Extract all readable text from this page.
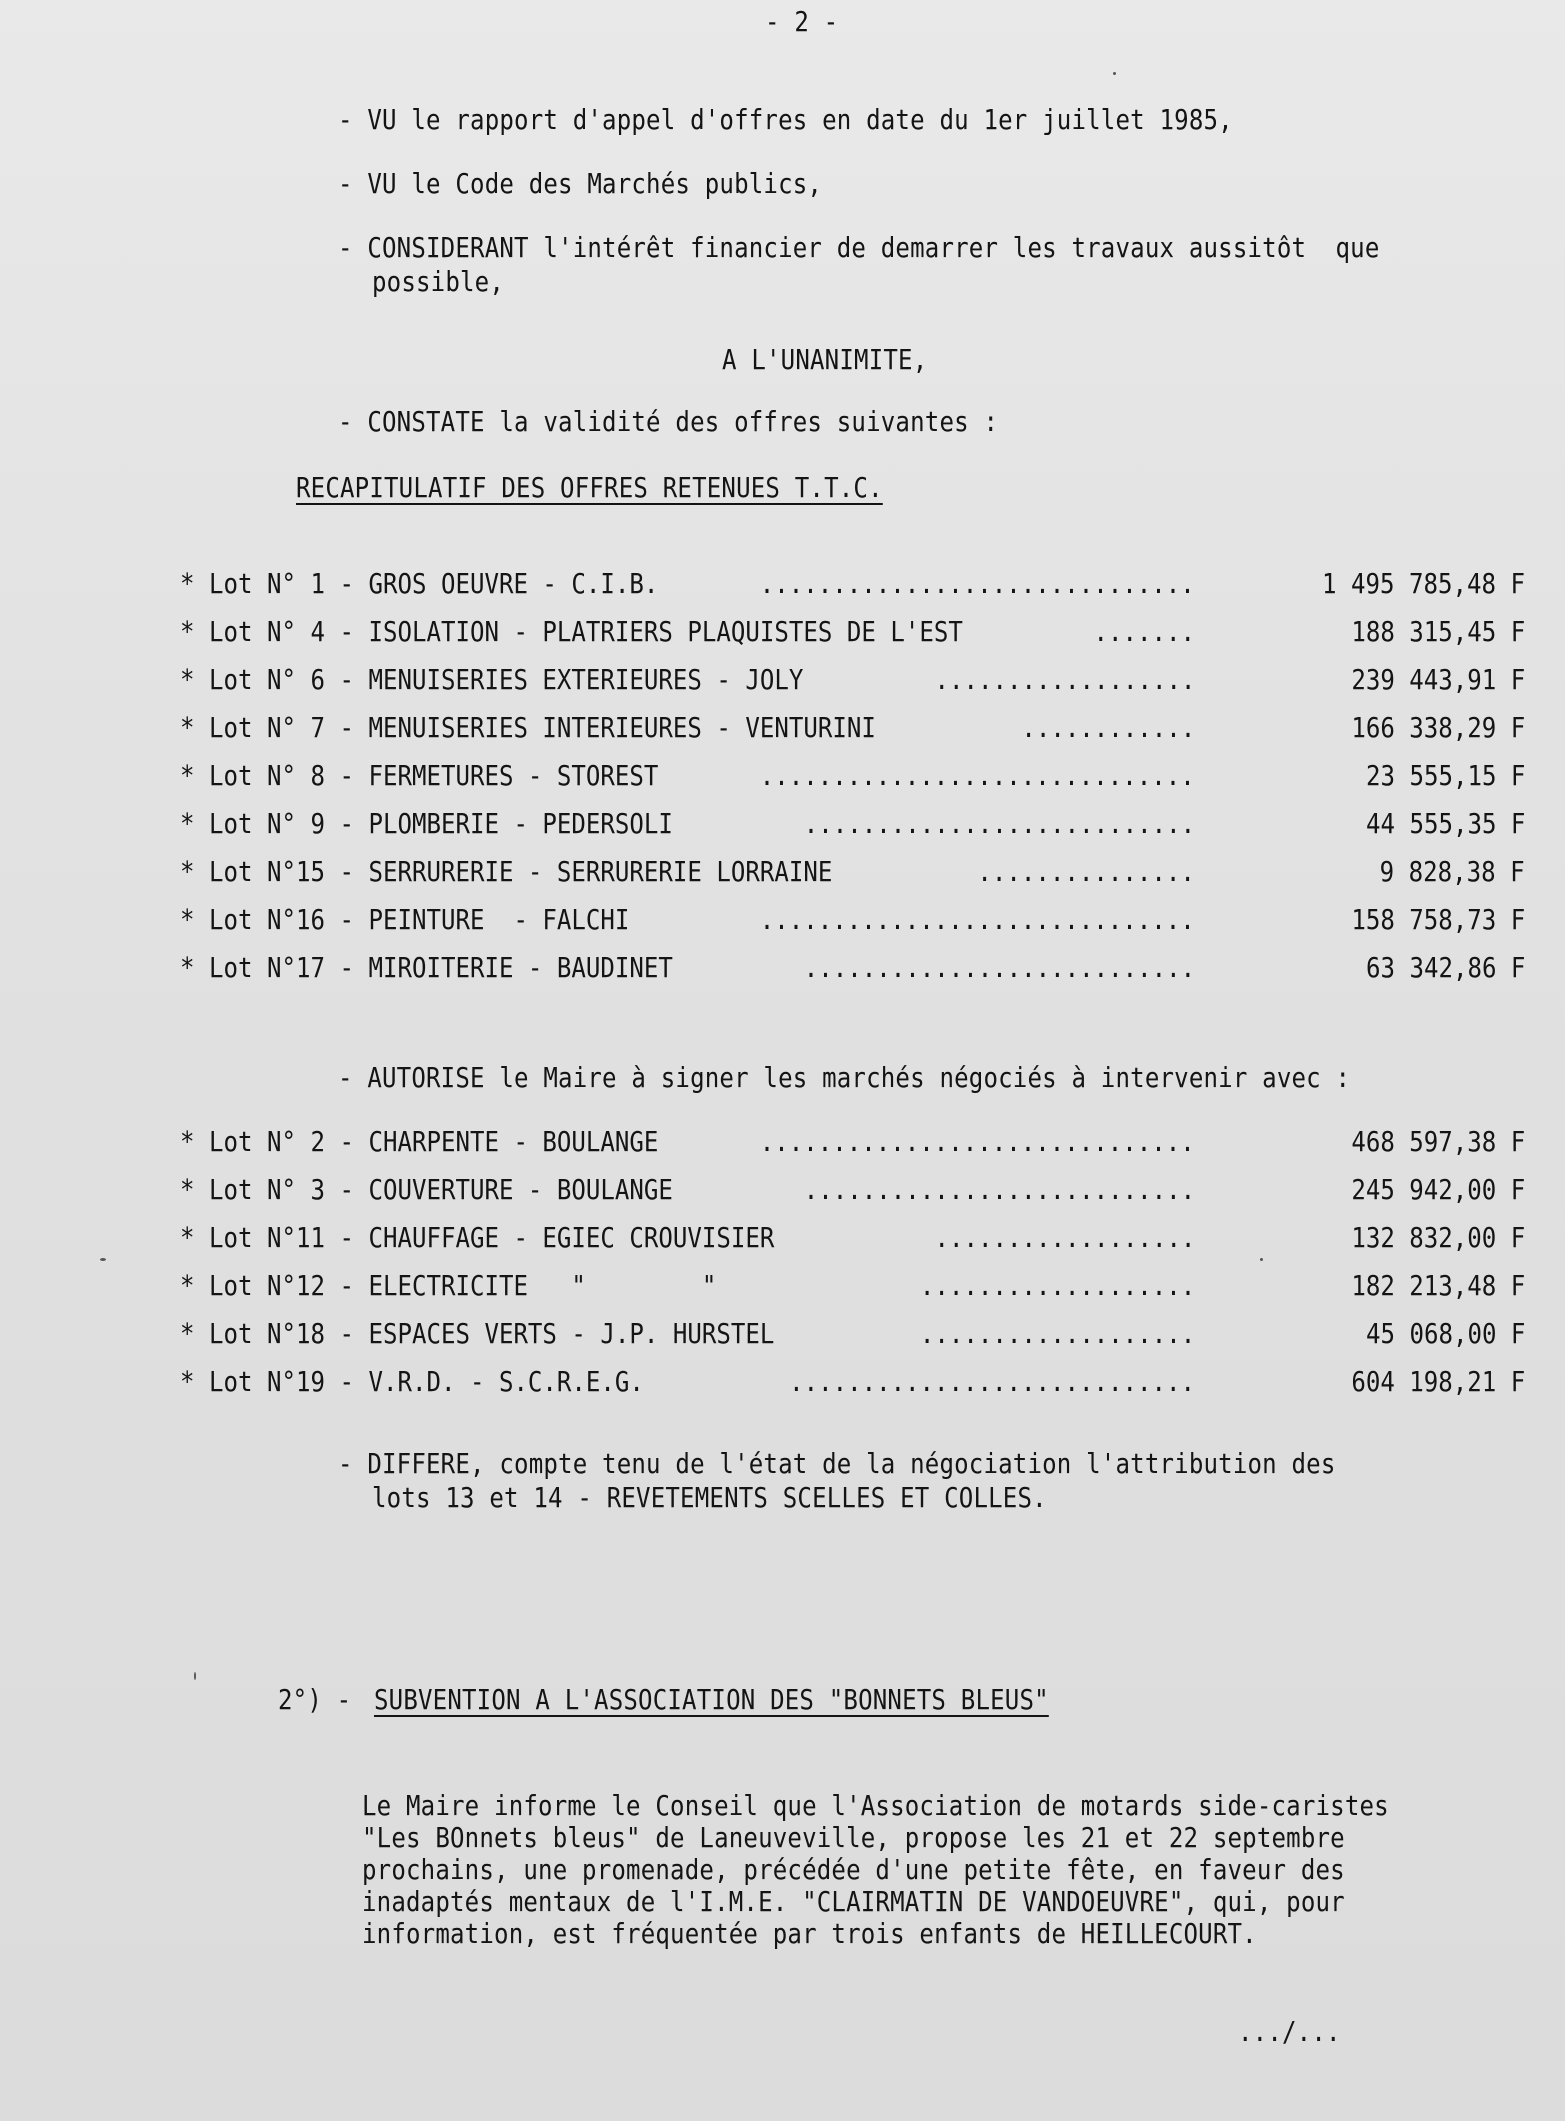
- 2 -
- VU le rapport d'appel d'offres en date du 1er juillet 1985,
- VU le Code des Marchés publics,
- CONSIDERANT l'intérêt financier de demarrer les travaux aussitôt  que
possible,
A L'UNANIMITE,
- CONSTATE la validité des offres suivantes :
RECAPITULATIF DES OFFRES RETENUES T.T.C.
* Lot N° 1 - GROS OEUVRE - C.I.B.	..............................	1 495 785,48 F
* Lot N° 4 - ISOLATION - PLATRIERS PLAQUISTES DE L'EST	.......	188 315,45 F
* Lot N° 6 - MENUISERIES EXTERIEURES - JOLY	..................	239 443,91 F
* Lot N° 7 - MENUISERIES INTERIEURES - VENTURINI	............	166 338,29 F
* Lot N° 8 - FERMETURES - STOREST	..............................	23 555,15 F
* Lot N° 9 - PLOMBERIE - PEDERSOLI	...........................	44 555,35 F
* Lot N°15 - SERRURERIE - SERRURERIE LORRAINE	...............	9 828,38 F
* Lot N°16 - PEINTURE  - FALCHI	..............................	158 758,73 F
* Lot N°17 - MIROITERIE - BAUDINET	...........................	63 342,86 F
- AUTORISE le Maire à signer les marchés négociés à intervenir avec :
* Lot N° 2 - CHARPENTE - BOULANGE	..............................	468 597,38 F
* Lot N° 3 - COUVERTURE - BOULANGE	...........................	245 942,00 F
* Lot N°11 - CHAUFFAGE - EGIEC CROUVISIER	..................	132 832,00 F
* Lot N°12 - ELECTRICITE   "        "	...................	182 213,48 F
* Lot N°18 - ESPACES VERTS - J.P. HURSTEL	...................	45 068,00 F
* Lot N°19 - V.R.D. - S.C.R.E.G.	............................	604 198,21 F
- DIFFERE, compte tenu de l'état de la négociation l'attribution des
lots 13 et 14 - REVETEMENTS SCELLES ET COLLES.
2°) - SUBVENTION A L'ASSOCIATION DES "BONNETS BLEUS"
Le Maire informe le Conseil que l'Association de motards side-caristes
"Les BOnnets bleus" de Laneuveville, propose les 21 et 22 septembre
prochains, une promenade, précédée d'une petite fête, en faveur des
inadaptés mentaux de l'I.M.E. "CLAIRMATIN DE VANDOEUVRE", qui, pour
information, est fréquentée par trois enfants de HEILLECOURT.
.../...
